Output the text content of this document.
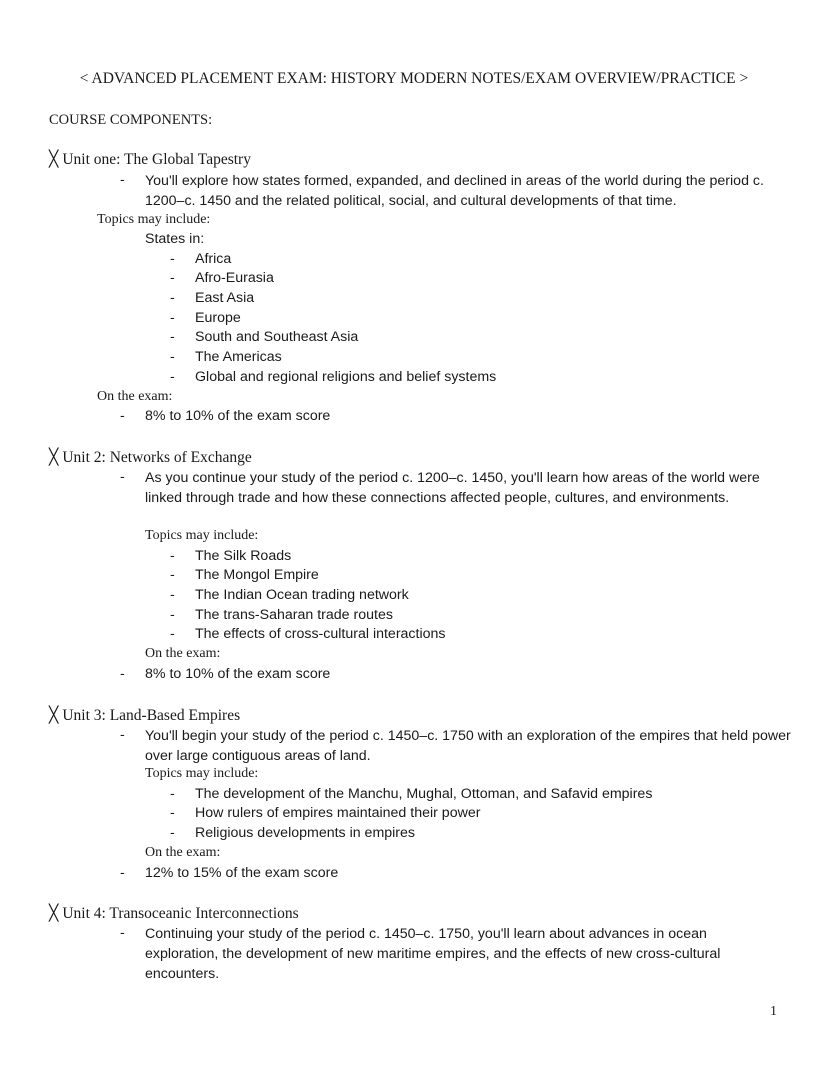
< ADVANCED PLACEMENT EXAM: HISTORY MODERN NOTES/EXAM OVERVIEW/PRACTICE >
COURSE COMPONENTS:
╳ Unit one: The Global Tapestry
- You'll explore how states formed, expanded, and declined in areas of the world during the period c. 1200–c. 1450 and the related political, social, and cultural developments of that time.
Topics may include:
States in:
- Africa
- Afro-Eurasia
- East Asia
- Europe
- South and Southeast Asia
- The Americas
- Global and regional religions and belief systems
On the exam:
- 8% to 10% of the exam score
╳ Unit 2: Networks of Exchange
- As you continue your study of the period c. 1200–c. 1450, you'll learn how areas of the world were linked through trade and how these connections affected people, cultures, and environments.
Topics may include:
- The Silk Roads
- The Mongol Empire
- The Indian Ocean trading network
- The trans-Saharan trade routes
- The effects of cross-cultural interactions
On the exam:
- 8% to 10% of the exam score
╳ Unit 3: Land-Based Empires
- You'll begin your study of the period c. 1450–c. 1750 with an exploration of the empires that held power over large contiguous areas of land.
Topics may include:
- The development of the Manchu, Mughal, Ottoman, and Safavid empires
- How rulers of empires maintained their power
- Religious developments in empires
On the exam:
- 12% to 15% of the exam score
╳ Unit 4: Transoceanic Interconnections
- Continuing your study of the period c. 1450–c. 1750, you'll learn about advances in ocean exploration, the development of new maritime empires, and the effects of new cross-cultural encounters.
1
